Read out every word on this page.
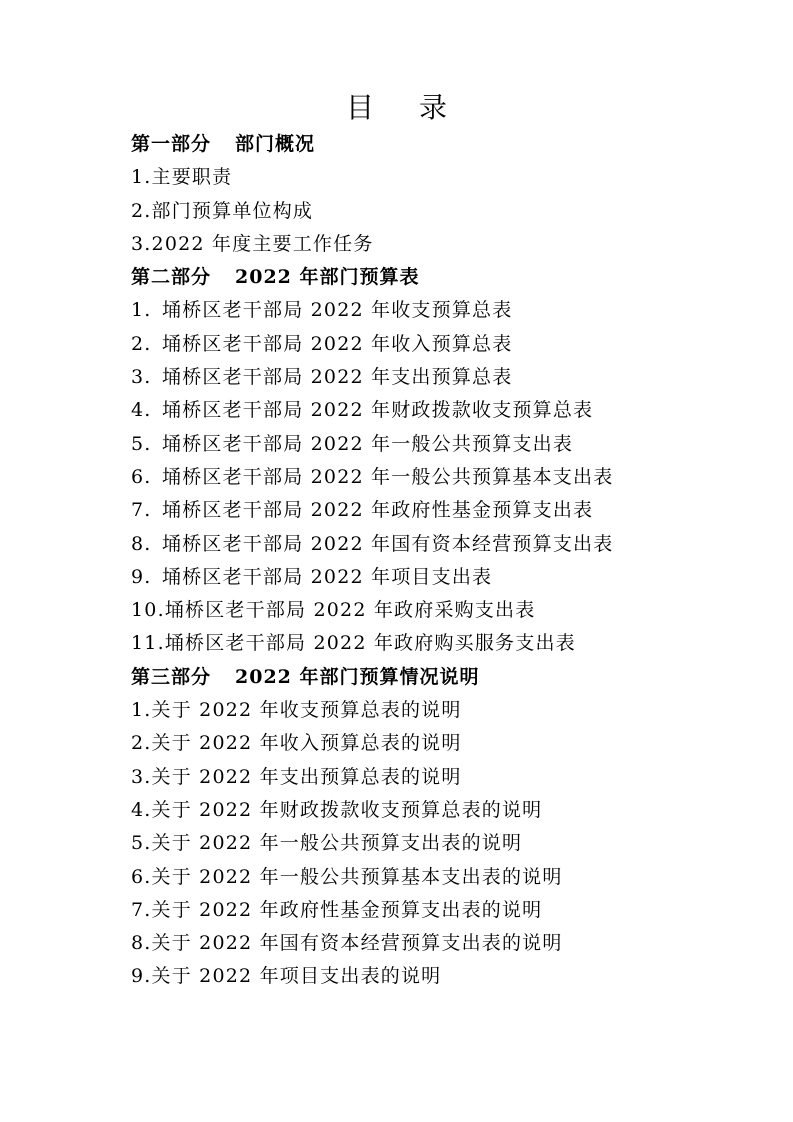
目 录
第一部分 部门概况
1.主要职责
2.部门预算单位构成
3.2022 年度主要工作任务
第二部分 2022 年部门预算表
1. 埇桥区老干部局 2022 年收支预算总表
2. 埇桥区老干部局 2022 年收入预算总表
3. 埇桥区老干部局 2022 年支出预算总表
4. 埇桥区老干部局 2022 年财政拨款收支预算总表
5. 埇桥区老干部局 2022 年一般公共预算支出表
6. 埇桥区老干部局 2022 年一般公共预算基本支出表
7. 埇桥区老干部局 2022 年政府性基金预算支出表
8. 埇桥区老干部局 2022 年国有资本经营预算支出表
9. 埇桥区老干部局 2022 年项目支出表
10.埇桥区老干部局 2022 年政府采购支出表
11.埇桥区老干部局 2022 年政府购买服务支出表
第三部分 2022 年部门预算情况说明
1.关于 2022 年收支预算总表的说明
2.关于 2022 年收入预算总表的说明
3.关于 2022 年支出预算总表的说明
4.关于 2022 年财政拨款收支预算总表的说明
5.关于 2022 年一般公共预算支出表的说明
6.关于 2022 年一般公共预算基本支出表的说明
7.关于 2022 年政府性基金预算支出表的说明
8.关于 2022 年国有资本经营预算支出表的说明
9.关于 2022 年项目支出表的说明
